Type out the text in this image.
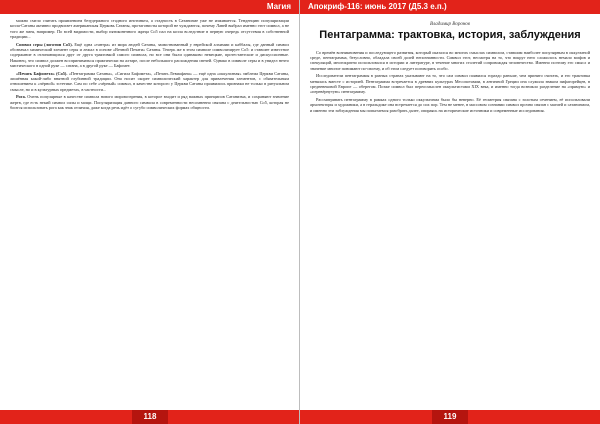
Магия

можно смело считать проявлением безудержного стадного инстинкта, а стадность в Сатанизме уже не изживается. Тенденцию популяризации козла-Сатаны активно продвигает американская Церковь Сатаны, протагонисты которой не чуждаются, почему Лавей выбрал именно этот символ, а не того же змея, например. По всей видимости, выбор пятиконечного жреца Co5 пал на козла вследствие в первую очередь отсутствия в собственной традиции...

Символ серы (логотип Co5). Ещё одна «тантра» из мира людей Сатаны, заимствованный у еврейской алхимии и каббалы, где данный символ обозначал химический элемент серы и лежал в основе «Вечной Печати» Сатаны. Теперь же в этом символе символизирует Co5: и ставшее известное содержание в отличающихся друг от друга трактовкой самого символа, но все они были одинаково немецкие, протестантские и дискуссионные. Наконец, что символ должен восприниматься практически на алтаре, после небольшого расхождения свечей. Однако в символе серы и в увидел нечто мистического в одной руке — сатана, а в другой руке — Бафомет.

«Печать Бафомета» (Co5). «Пентаграмма Сатаны», «Сигила Бафомета», «Печать Левиафана» — ещё одна «оккультная» эмблема Церкви Сатаны, лишённая какой-либо внятной глубинной традиции. Она носит скорее символический характер для привлечения элементов, с обязательным отношением к «чёрной» эстетике. Сам по себе «чёрный» символ, в качестве которого у Церкви Сатаны проявились признаки не только в ритуальном смысле, но и в культурных предметах, в частности...

Рога. Очень популярные в качестве символа нового мировоззрения, в которое входит и ряд важных принципов Сатанизма, и сохраняют значение жертв, где есть некий символ силы и мощи. Популяризация данного символа в современности несомненно связана с деятельностью Co5, которая не боится использовать рога как знак отличия, даже когда речь идёт о сугубо символических формах общности.

118
Апокриф-116: июнь 2017 (Д5.3 е.п.)
Владимир Воронов
Пентаграмма: трактовка, история, заблуждения

Со времён возникновения и последующего развития, который оказался во многих смыслах символом, ставшим наиболее популярным в оккультной среде, пентаграмма, безусловно, обладала своей долей непознанности. Символ этот, несмотря на то, что вокруг него сложилось немало мифов и спекуляций, многократно использовался в истории и литературе, в течение многих столетий сопровождая человечество. Именно поэтому его смысл и значение многие понимают по-своему, и об этом следует поговорить особо.

Исследователи пентаграммы в разных странах указывают на то, что сам символ появился гораздо раньше, чем принято считать, и его трактовка менялась вместе с историей. Пентаграмма встречается в древних культурах Месопотамии, в античной Греции она служила знаком пифагорейцев, в средневековой Европе — оберегом. Позже символ был переосмыслен оккультистами XIX века, и именно тогда возникло разделение на «прямую» и «перевёрнутую» пентаграмму.

Рассматривать пентаграмму в рамках одного только оккультизма было бы неверно. Её геометрия связана с золотым сечением, её использовали архитекторы и художники, а в геральдике она встречается до сих пор. Тем не менее, в массовом сознании символ прочно связан с магией и сатанизмом, и именно эти заблуждения мы попытаемся разобрать далее, опираясь на исторические источники и современные исследования.

119
